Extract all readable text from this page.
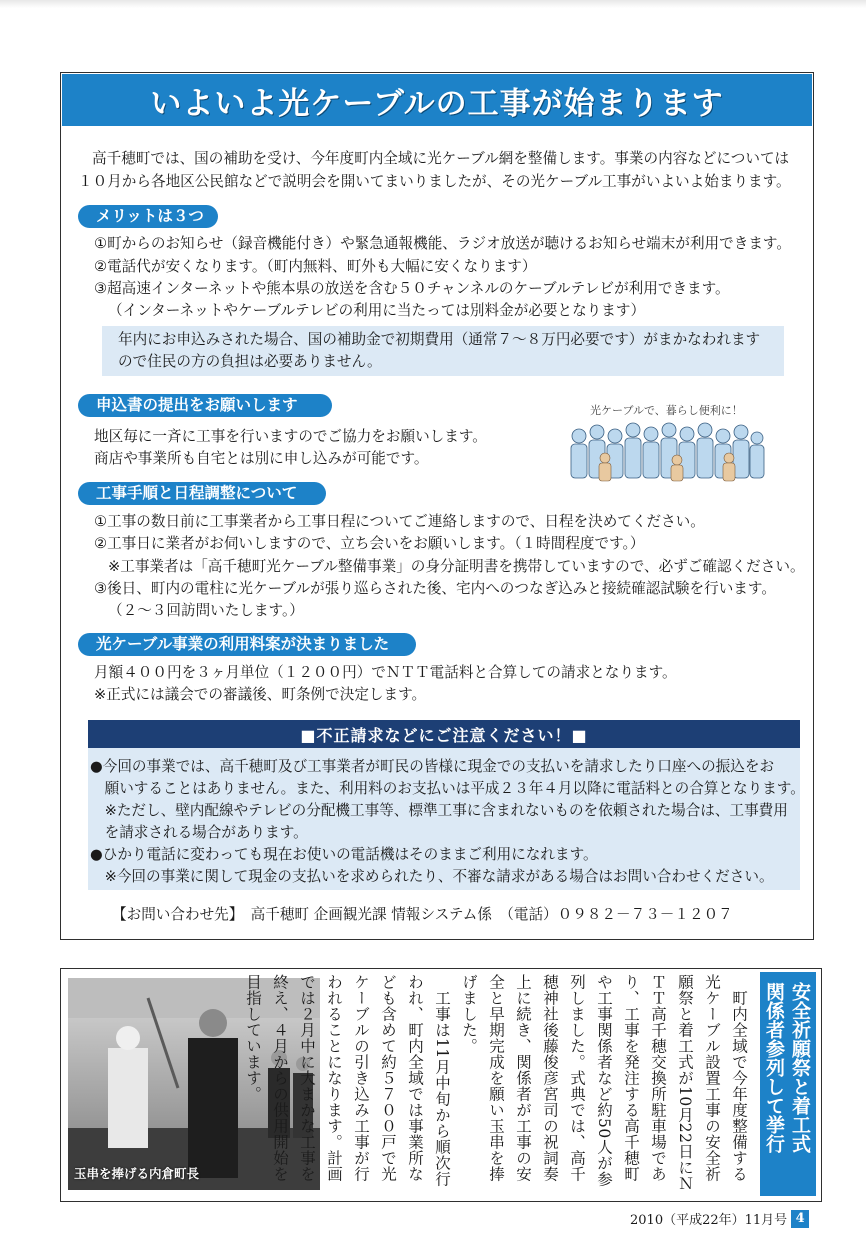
いよいよ光ケーブルの工事が始まります
高千穂町では、国の補助を受け、今年度町内全域に光ケーブル網を整備します。事業の内容などについては
１０月から各地区公民館などで説明会を開いてまいりましたが、その光ケーブル工事がいよいよ始まります。
メリットは３つ
①町からのお知らせ（録音機能付き）や緊急通報機能、ラジオ放送が聴けるお知らせ端末が利用できます。
②電話代が安くなります。（町内無料、町外も大幅に安くなります）
③超高速インターネットや熊本県の放送を含む５０チャンネルのケーブルテレビが利用できます。
（インターネットやケーブルテレビの利用に当たっては別料金が必要となります）
年内にお申込みされた場合、国の補助金で初期費用（通常７～８万円必要です）がまかなわれます
ので住民の方の負担は必要ありません。
申込書の提出をお願いします
地区毎に一斉に工事を行いますのでご協力をお願いします。
商店や事業所も自宅とは別に申し込みが可能です。
光ケーブルで、暮らし便利に！
工事手順と日程調整について
①工事の数日前に工事業者から工事日程についてご連絡しますので、日程を決めてください。
②工事日に業者がお伺いしますので、立ち会いをお願いします。（１時間程度です。）
※工事業者は「高千穂町光ケーブル整備事業」の身分証明書を携帯していますので、必ずご確認ください。
③後日、町内の電柱に光ケーブルが張り巡らされた後、宅内へのつなぎ込みと接続確認試験を行います。
（２～３回訪問いたします。）
光ケーブル事業の利用料案が決まりました
月額４００円を３ヶ月単位（１２００円）でＮＴＴ電話料と合算しての請求となります。
※正式には議会での審議後、町条例で決定します。
■不正請求などにご注意ください！■
●今回の事業では、高千穂町及び工事業者が町民の皆様に現金での支払いを請求したり口座への振込をお
　願いすることはありません。また、利用料のお支払いは平成２３年４月以降に電話料との合算となります。
　※ただし、壁内配線やテレビの分配機工事等、標準工事に含まれないものを依頼された場合は、工事費用
　を請求される場合があります。
●ひかり電話に変わっても現在お使いの電話機はそのままご利用になれます。
　※今回の事業に関して現金の支払いを求められたり、不審な請求がある場合はお問い合わせください。
【お問い合わせ先】　高千穂町 企画観光課 情報システム係　（電話）０９８２－７３－１２０７
玉串を捧げる内倉町長	　町内全域で今年度整備する光ケーブル設置工事の安全祈願祭と着工式が10月22日にＮＴＴ高千穂交換所駐車場であり、工事を発注する高千穂町や工事関係者など約50人が参列しました。式典では、高千穂神社後藤俊彦宮司の祝詞奏上に続き、関係者が工事の安全と早期完成を願い玉串を捧げました。
　工事は11月中旬から順次行われ、町内全域では事業所なども含めて約５７００戸で光ケーブルの引き込み工事が行われることになります。計画では２月中に大まかな工事を終え、４月からの供用開始を目指しています。	安全祈願祭と着工式　関係者参列して挙行
2010（平成22年）11月号 4
